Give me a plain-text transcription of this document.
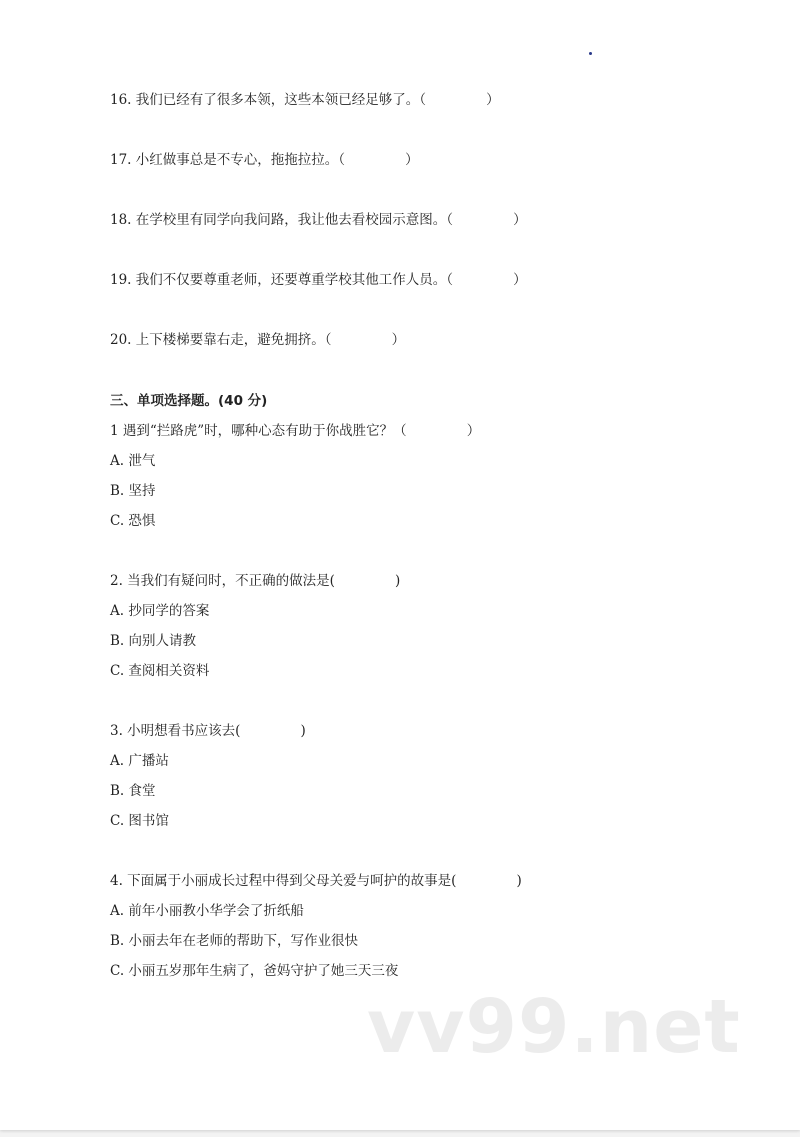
16. 我们已经有了很多本领，这些本领已经足够了。（              ）
17. 小红做事总是不专心，拖拖拉拉。（              ）
18. 在学校里有同学向我问路，我让他去看校园示意图。（              ）
19. 我们不仅要尊重老师，还要尊重学校其他工作人员。（              ）
20. 上下楼梯要靠右走，避免拥挤。（              ）
三、单项选择题。(40 分)
1 遇到“拦路虎”时，哪种心态有助于你战胜它？（              ）
A. 泄气
B. 坚持
C. 恐惧
2. 当我们有疑问时，不正确的做法是(              )
A. 抄同学的答案
B. 向别人请教
C. 查阅相关资料
3. 小明想看书应该去(              )
A. 广播站
B. 食堂
C. 图书馆
4. 下面属于小丽成长过程中得到父母关爱与呵护的故事是(              )
A. 前年小丽教小华学会了折纸船
B. 小丽去年在老师的帮助下，写作业很快
C. 小丽五岁那年生病了，爸妈守护了她三天三夜
vv99.net
